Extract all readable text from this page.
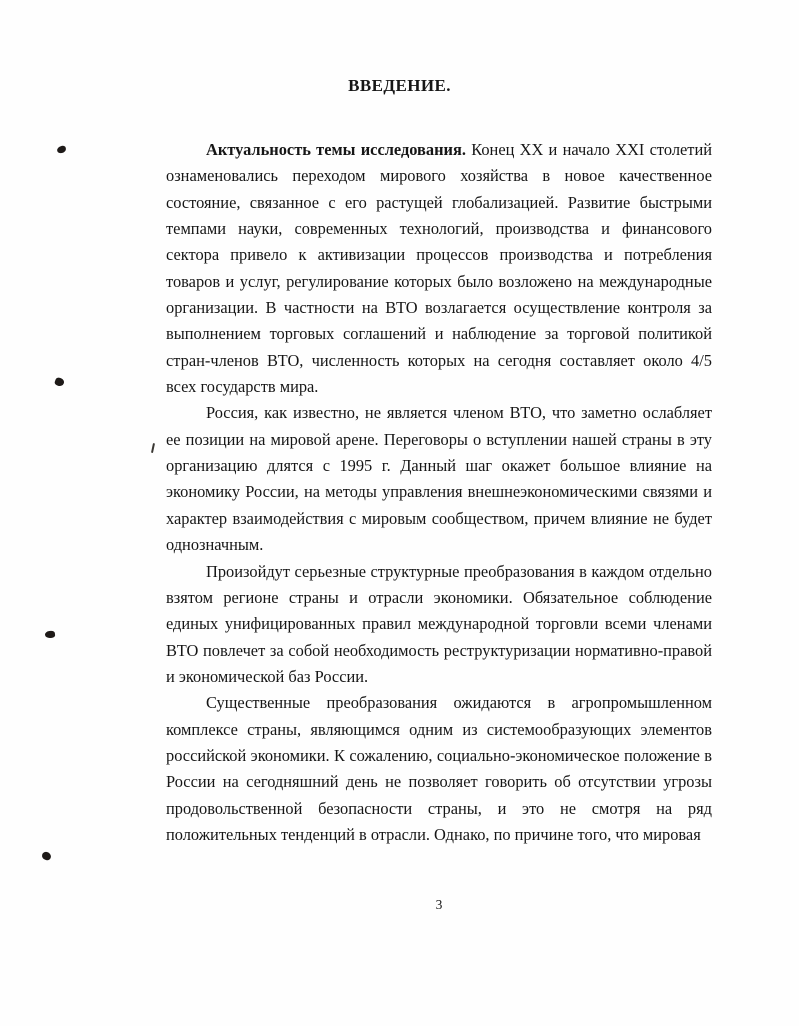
ВВЕДЕНИЕ.

Актуальность темы исследования. Конец XX и начало XXI столетий ознаменовались переходом мирового хозяйства в новое качественное состояние, связанное с его растущей глобализацией. Развитие быстрыми темпами науки, современных технологий, производства и финансового сектора привело к активизации процессов производства и потребления товаров и услуг, регулирование которых было возложено на международные организации. В частности на ВТО возлагается осуществление контроля за выполнением торговых соглашений и наблюдение за торговой политикой стран-членов ВТО, численность которых на сегодня составляет около 4/5 всех государств мира.

Россия, как известно, не является членом ВТО, что заметно ослабляет ее позиции на мировой арене. Переговоры о вступлении нашей страны в эту организацию длятся с 1995 г. Данный шаг окажет большое влияние на экономику России, на методы управления внешнеэкономическими связями и характер взаимодействия с мировым сообществом, причем влияние не будет однозначным.

Произойдут серьезные структурные преобразования в каждом отдельно взятом регионе страны и отрасли экономики. Обязательное соблюдение единых унифицированных правил международной торговли всеми членами ВТО повлечет за собой необходимость реструктуризации нормативно-правой и экономической баз России.

Существенные преобразования ожидаются в агропромышленном комплексе страны, являющимся одним из системообразующих элементов российской экономики. К сожалению, социально-экономическое положение в России на сегодняшний день не позволяет говорить об отсутствии угрозы продовольственной безопасности страны, и это не смотря на ряд положительных тенденций в отрасли. Однако, по причине того, что мировая

3
